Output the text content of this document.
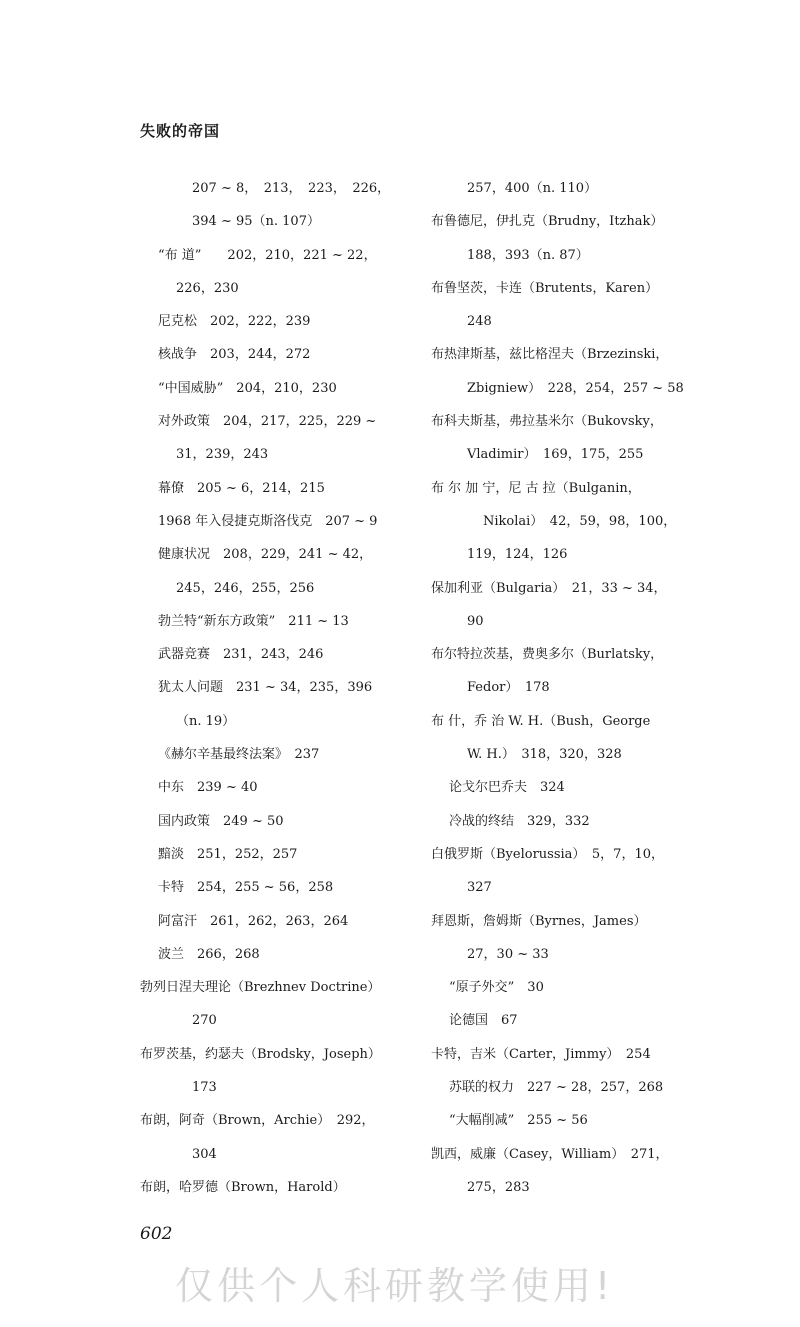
失败的帝国
207 ~ 8，　213，　223，　226，
394 ~ 95（n. 107）
“布 道”　　202，210，221 ~ 22，
226，230
尼克松　202，222，239
核战争　203，244，272
“中国威胁”　204，210，230
对外政策　204，217，225，229 ~
31，239，243
幕僚　205 ~ 6，214，215
1968 年入侵捷克斯洛伐克　207 ~ 9
健康状况　208，229，241 ~ 42，
245，246，255，256
勃兰特“新东方政策”　211 ~ 13
武器竞赛　231，243，246
犹太人问题　231 ~ 34，235，396
（n. 19）
《赫尔辛基最终法案》　237
中东　239 ~ 40
国内政策　249 ~ 50
黯淡　251，252，257
卡特　254，255 ~ 56，258
阿富汗　261，262，263，264
波兰　266，268
勃列日涅夫理论（Brezhnev Doctrine）
270
布罗茨基，约瑟夫（Brodsky，Joseph）
173
布朗，阿奇（Brown，Archie）　292，
304
布朗，哈罗德（Brown，Harold）
257，400（n. 110）
布鲁德尼，伊扎克（Brudny，Itzhak）
188，393（n. 87）
布鲁坚茨，卡连（Brutents，Karen）
248
布热津斯基，兹比格涅夫（Brzezinski，
Zbigniew）　228，254，257 ~ 58
布科夫斯基，弗拉基米尔（Bukovsky，
Vladimir）　169，175，255
布 尔 加 宁，尼 古 拉（Bulganin，
Nikolai）　42，59，98，100，
119，124，126
保加利亚（Bulgaria）　21，33 ~ 34，
90
布尔特拉茨基，费奥多尔（Burlatsky，
Fedor）　178
布 什，乔 治 W. H.（Bush，George
W. H.）　318，320，328
论戈尔巴乔夫　324
冷战的终结　329，332
白俄罗斯（Byelorussia）　5，7，10，
327
拜恩斯，詹姆斯（Byrnes，James）
27，30 ~ 33
“原子外交”　30
论德国　67
卡特，吉米（Carter，Jimmy）　254
苏联的权力　227 ~ 28，257，268
“大幅削减”　255 ~ 56
凯西，威廉（Casey，William）　271，
275，283
602
仅供个人科研教学使用!
